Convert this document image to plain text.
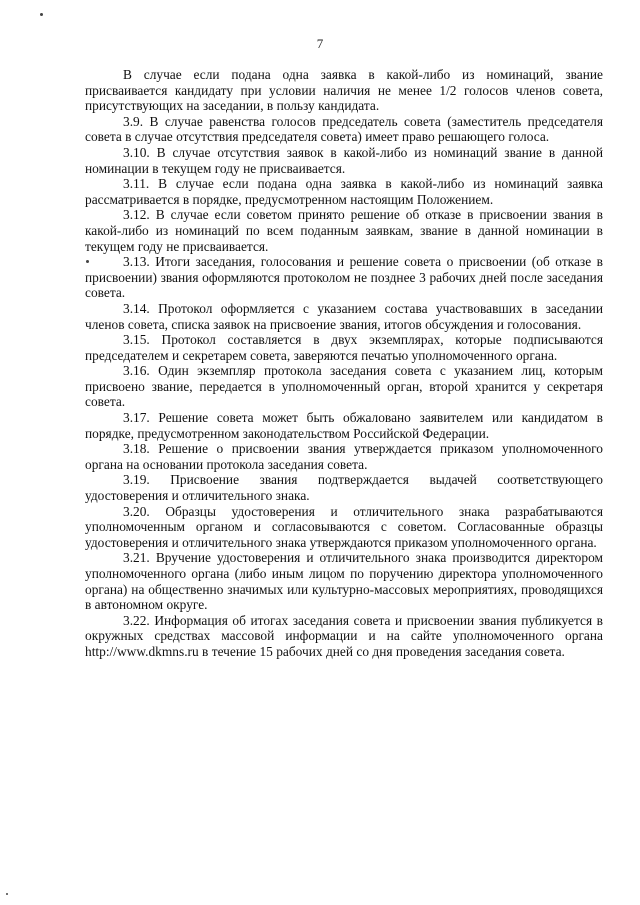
7

В случае если подана одна заявка в какой-либо из номинаций, звание присваивается кандидату при условии наличия не менее 1/2 голосов членов совета, присутствующих на заседании, в пользу кандидата.

3.9. В случае равенства голосов председатель совета (заместитель председателя совета в случае отсутствия председателя совета) имеет право решающего голоса.

3.10. В случае отсутствия заявок в какой-либо из номинаций звание в данной номинации в текущем году не присваивается.

3.11. В случае если подана одна заявка в какой-либо из номинаций заявка рассматривается в порядке, предусмотренном настоящим Положением.

3.12. В случае если советом принято решение об отказе в присвоении звания в какой-либо из номинаций по всем поданным заявкам, звание в данной номинации в текущем году не присваивается.

3.13. Итоги заседания, голосования и решение совета о присвоении (об отказе в присвоении) звания оформляются протоколом не позднее 3 рабочих дней после заседания совета.

3.14. Протокол оформляется с указанием состава участвовавших в заседании членов совета, списка заявок на присвоение звания, итогов обсуждения и голосования.

3.15. Протокол составляется в двух экземплярах, которые подписываются председателем и секретарем совета, заверяются печатью уполномоченного органа.

3.16. Один экземпляр протокола заседания совета с указанием лиц, которым присвоено звание, передается в уполномоченный орган, второй хранится у секретаря совета.

3.17. Решение совета может быть обжаловано заявителем или кандидатом в порядке, предусмотренном законодательством Российской Федерации.

3.18. Решение о присвоении звания утверждается приказом уполномоченного органа на основании протокола заседания совета.

3.19. Присвоение звания подтверждается выдачей соответствующего удостоверения и отличительного знака.

3.20. Образцы удостоверения и отличительного знака разрабатываются уполномоченным органом и согласовываются с советом. Согласованные образцы удостоверения и отличительного знака утверждаются приказом уполномоченного органа.

3.21. Вручение удостоверения и отличительного знака производится директором уполномоченного органа (либо иным лицом по поручению директора уполномоченного органа) на общественно значимых или культурно-массовых мероприятиях, проводящихся в автономном округе.

3.22. Информация об итогах заседания совета и присвоении звания публикуется в окружных средствах массовой информации и на сайте уполномоченного органа http://www.dkmns.ru в течение 15 рабочих дней со дня проведения заседания совета.
